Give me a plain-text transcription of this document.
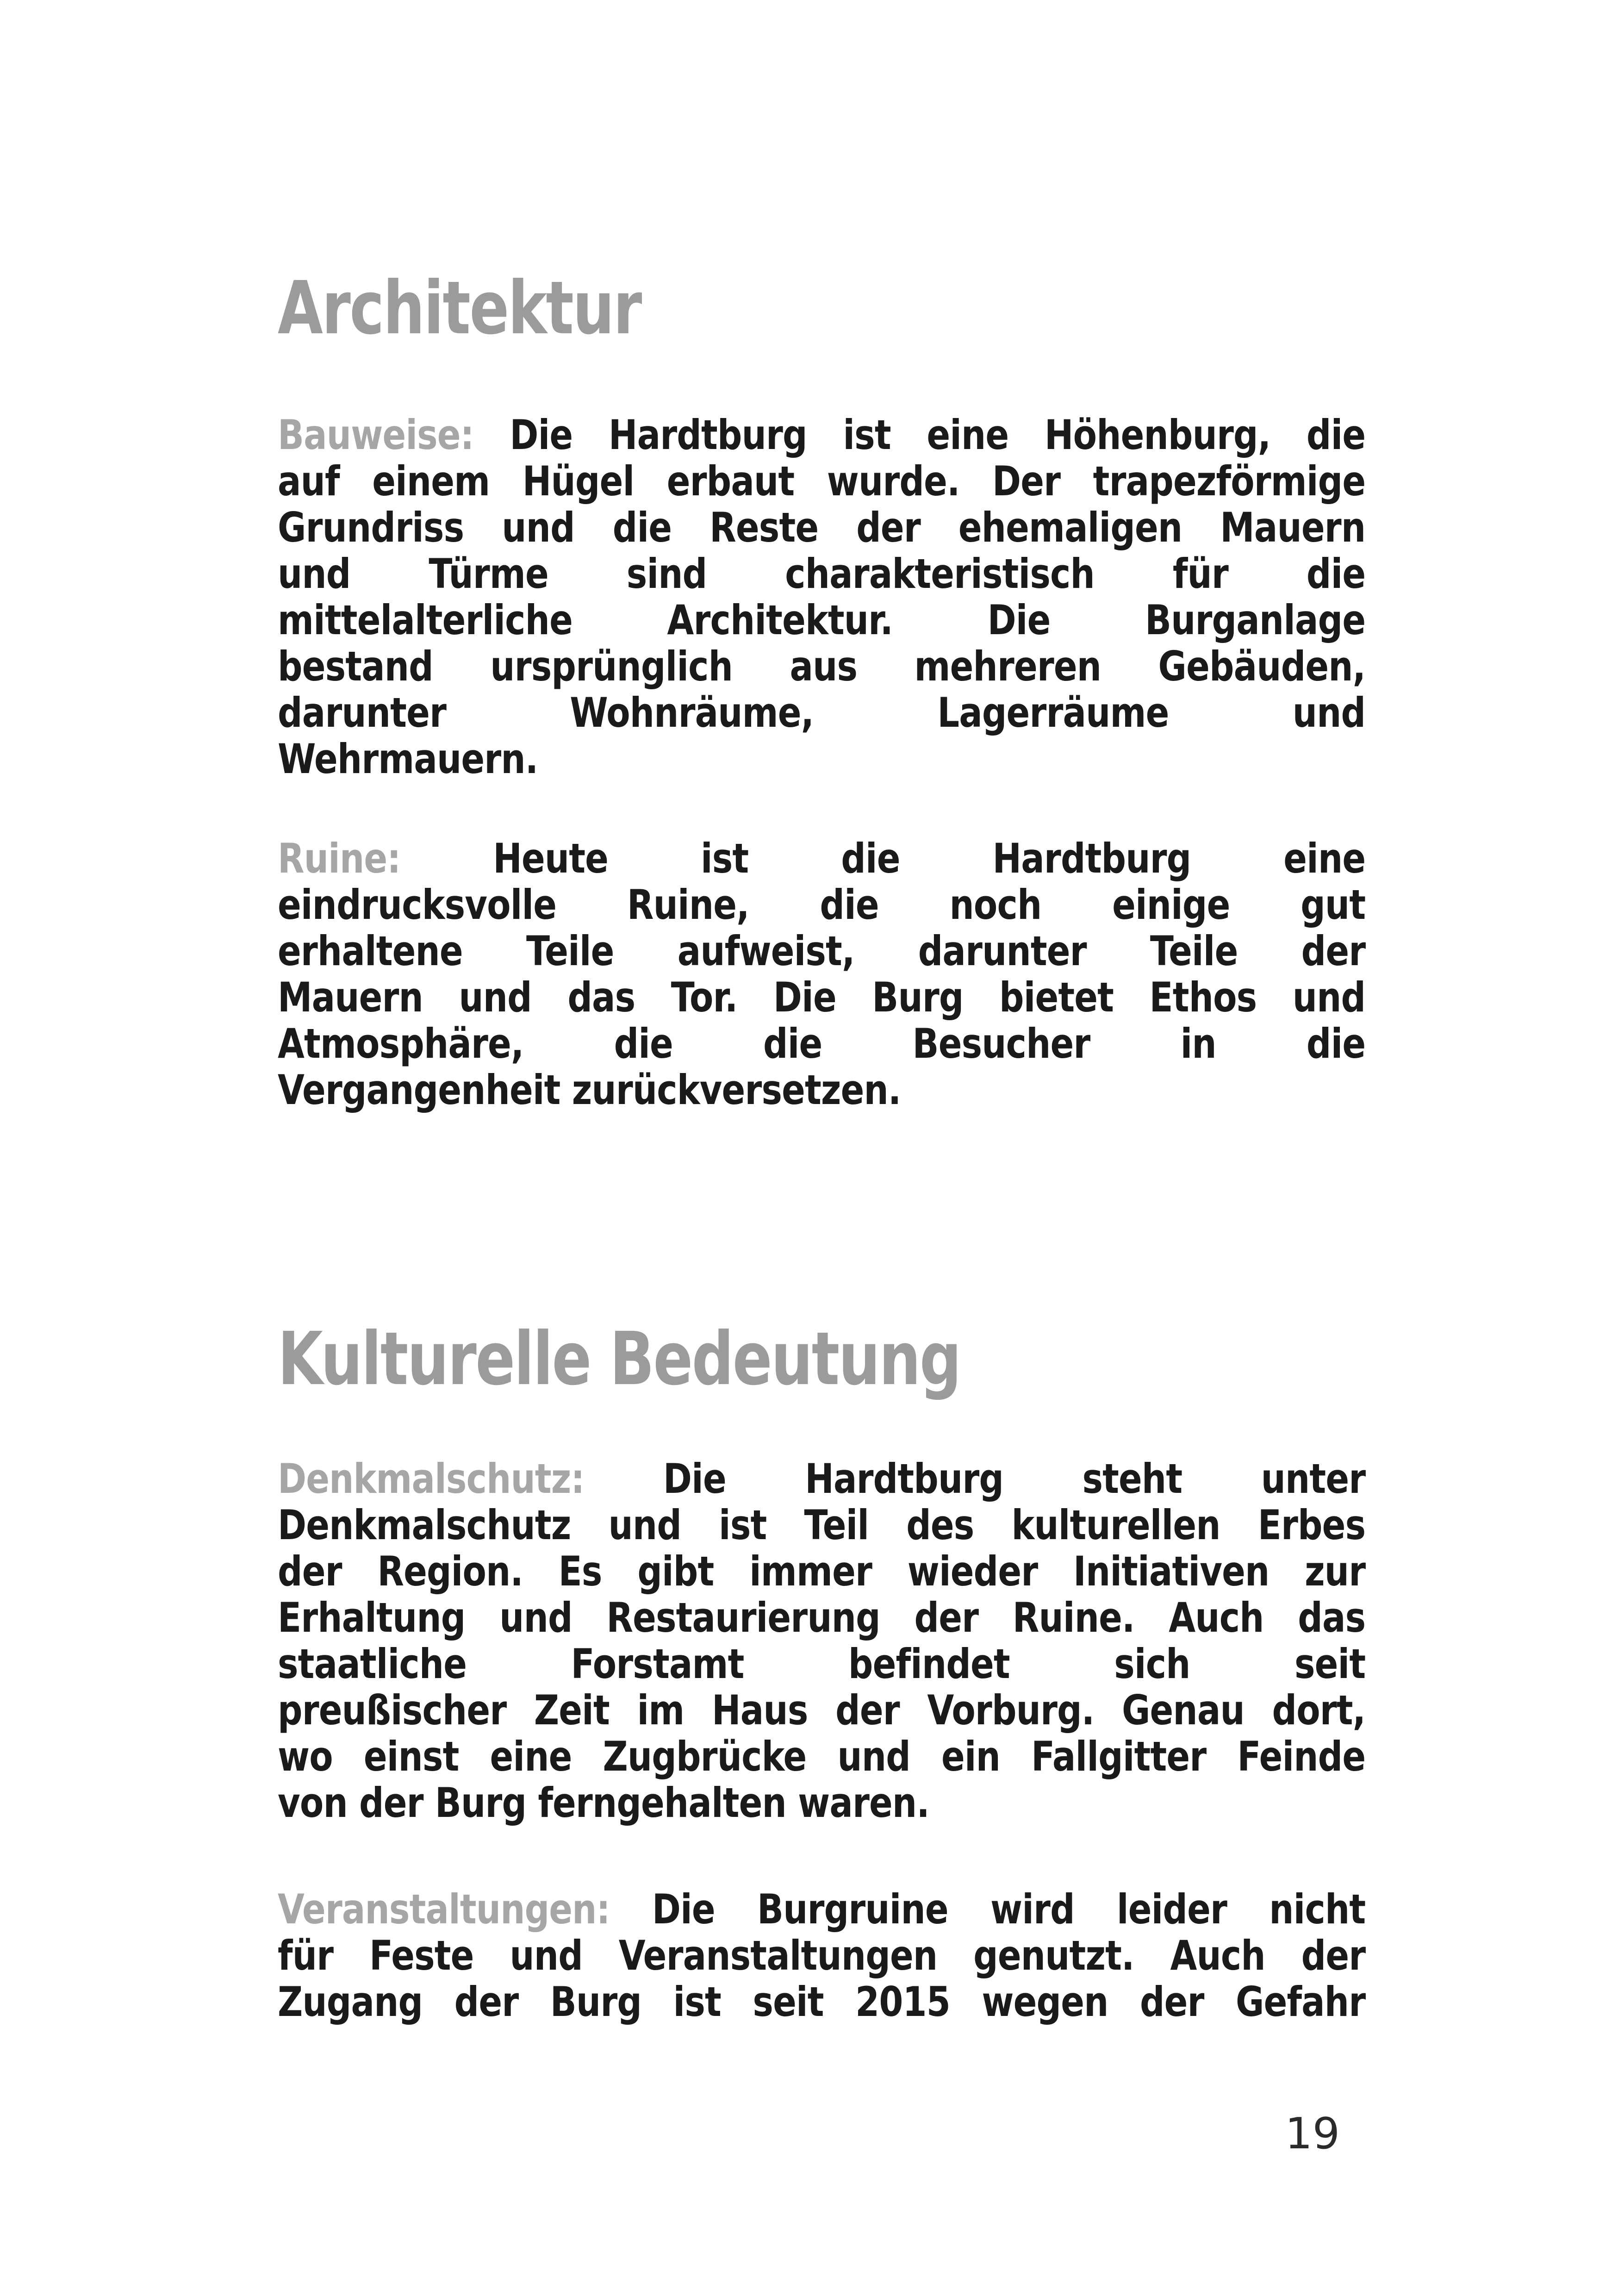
Architektur
Bauweise: Die Hardtburg ist eine Höhenburg, die
auf einem Hügel erbaut wurde. Der trapezförmige
Grundriss und die Reste der ehemaligen Mauern
und Türme sind charakteristisch für die
mittelalterliche Architektur. Die Burganlage
bestand ursprünglich aus mehreren Gebäuden,
darunter Wohnräume, Lagerräume und
Wehrmauern.
Ruine: Heute ist die Hardtburg eine
eindrucksvolle Ruine, die noch einige gut
erhaltene Teile aufweist, darunter Teile der
Mauern und das Tor. Die Burg bietet Ethos und
Atmosphäre, die die Besucher in die
Vergangenheit zurückversetzen.
Kulturelle Bedeutung
Denkmalschutz: Die Hardtburg steht unter
Denkmalschutz und ist Teil des kulturellen Erbes
der Region. Es gibt immer wieder Initiativen zur
Erhaltung und Restaurierung der Ruine. Auch das
staatliche Forstamt befindet sich seit
preußischer Zeit im Haus der Vorburg. Genau dort,
wo einst eine Zugbrücke und ein Fallgitter Feinde
von der Burg ferngehalten waren.
Veranstaltungen: Die Burgruine wird leider nicht
für Feste und Veranstaltungen genutzt. Auch der
Zugang der Burg ist seit 2015 wegen der Gefahr
19
